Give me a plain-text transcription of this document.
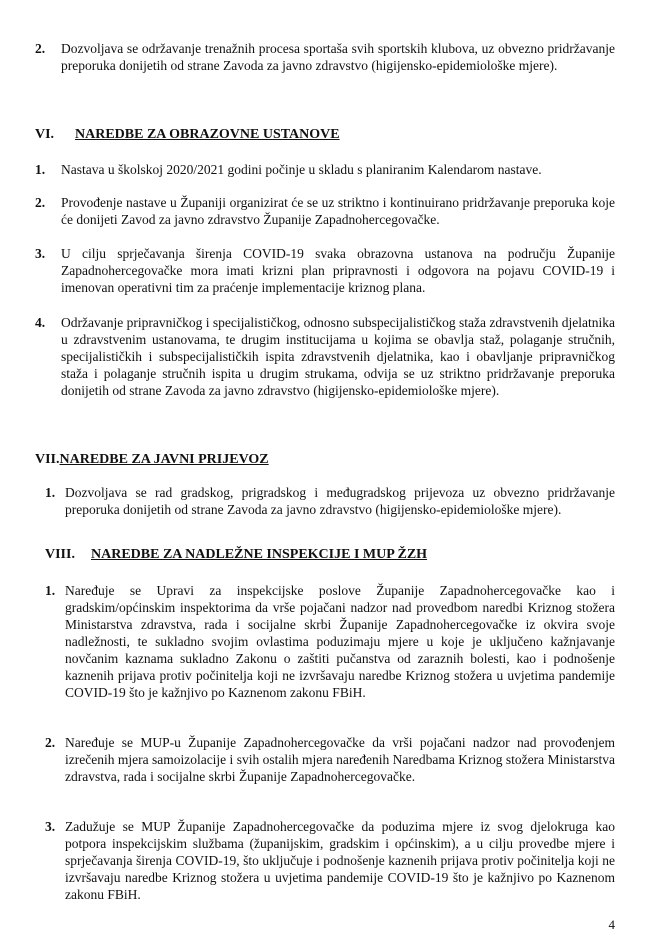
2.	Dozvoljava se održavanje trenažnih procesa sportaša svih sportskih klubova, uz obvezno pridržavanje preporuka donijetih od strane Zavoda za javno zdravstvo (higijensko-epidemiološke mjere).
VI.	NAREDBE ZA OBRAZOVNE USTANOVE
1.	Nastava u školskoj 2020/2021 godini počinje u skladu s planiranim Kalendarom nastave.
2.	Provođenje nastave u Županiji organizirat će se uz striktno i kontinuirano pridržavanje preporuka koje će donijeti Zavod za javno zdravstvo Županije Zapadnohercegovačke.
3.	U cilju sprječavanja širenja COVID-19 svaka obrazovna ustanova na području Županije Zapadnohercegovačke mora imati krizni plan pripravnosti i odgovora na pojavu COVID-19 i imenovan operativni tim za praćenje implementacije kriznog plana.
4.	Održavanje pripravničkog i specijalističkog, odnosno subspecijalističkog staža zdravstvenih djelatnika u zdravstvenim ustanovama, te drugim institucijama u kojima se obavlja staž, polaganje stručnih, specijalističkih i subspecijalističkih ispita zdravstvenih djelatnika, kao i obavljanje pripravničkog staža i polaganje stručnih ispita u drugim strukama, odvija se uz striktno pridržavanje preporuka donijetih od strane Zavoda za javno zdravstvo (higijensko-epidemiološke mjere).
VII. NAREDBE ZA JAVNI PRIJEVOZ
1. Dozvoljava se rad gradskog, prigradskog i međugradskog prijevoza uz obvezno pridržavanje preporuka donijetih od strane Zavoda za javno zdravstvo (higijensko-epidemiološke mjere).
VIII.	NAREDBE ZA NADLEŽNE INSPEKCIJE I MUP ŽZH
1. Naređuje se Upravi za inspekcijske poslove Županije Zapadnohercegovačke kao i gradskim/općinskim inspektorima da vrše pojačani nadzor nad provedbom naredbi Kriznog stožera Ministarstva zdravstva, rada i socijalne skrbi Županije Zapadnohercegovačke iz okvira svoje nadležnosti, te sukladno svojim ovlastima poduzimaju mjere u koje je uključeno kažnjavanje novčanim kaznama sukladno Zakonu o zaštiti pučanstva od zaraznih bolesti, kao i podnošenje kaznenih prijava protiv počinitelja koji ne izvršavaju naredbe Kriznog stožera u uvjetima pandemije COVID-19 što je kažnjivo po Kaznenom zakonu FBiH.
2. Naređuje se MUP-u Županije Zapadnohercegovačke da vrši pojačani nadzor nad provođenjem izrečenih mjera samoizolacije i svih ostalih mjera naređenih Naredbama Kriznog stožera Ministarstva zdravstva, rada i socijalne skrbi Županije Zapadnohercegovačke.
3. Zadužuje se MUP Županije Zapadnohercegovačke da poduzima mjere iz svog djelokruga kao potpora inspekcijskim službama (županijskim, gradskim i općinskim), a u cilju provedbe mjere i sprječavanja širenja COVID-19, što uključuje i podnošenje kaznenih prijava protiv počinitelja koji ne izvršavaju naredbe Kriznog stožera u uvjetima pandemije COVID-19 što je kažnjivo po Kaznenom zakonu FBiH.
4
